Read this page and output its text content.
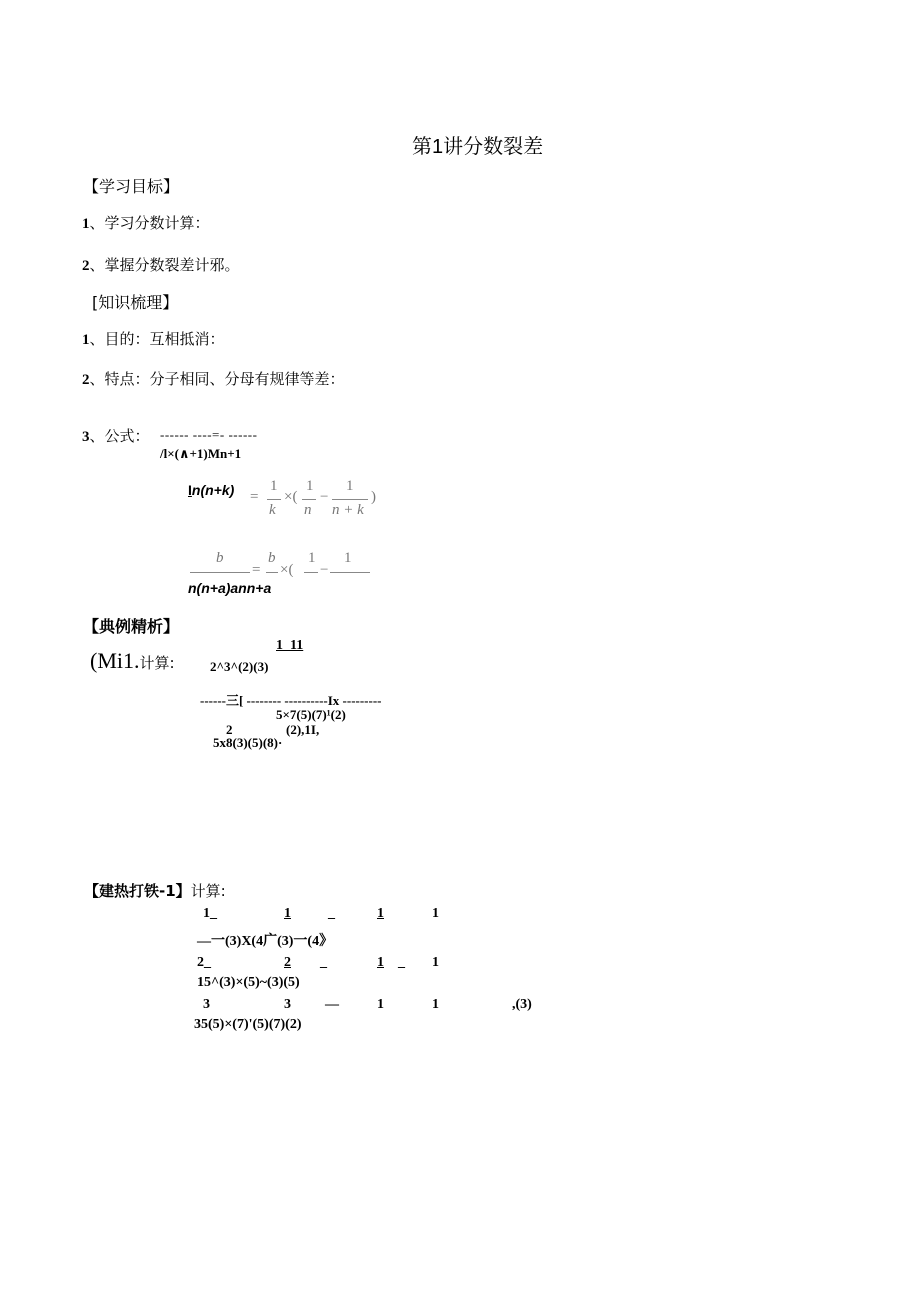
第1讲分数裂差
【学习目标】
1、学习分数计算：
2、掌握分数裂差计邪。
[知识梳理】
1、目的：互相抵消：
2、特点：分子相同、分母有规律等差：
3、公式： ------ ----=- ------
/l×(∧+1)Mn+1
In(n+k) =
1
k
×(
1
n
−
1
n + k
)
b
=
b
×(
1
−
1
n(n+a)ann+a
【典例精析】
1_11
(Mi1.计算:	2^3^(2)(3)
------三[ -------- ----------Ix ---------
5×7(5)(7)¹(2)
2	(2),1I,
5x8(3)(5)(8)·
【建热打铁-1】计算:
1_	1	_	1	1
—一(3)X(4广(3)一(4》
2_	2 _	1 _ 1
15^(3)×(5)~(3)(5)
3	3 —	1	1	,(3)
35(5)×(7)'(5)(7)(2)
